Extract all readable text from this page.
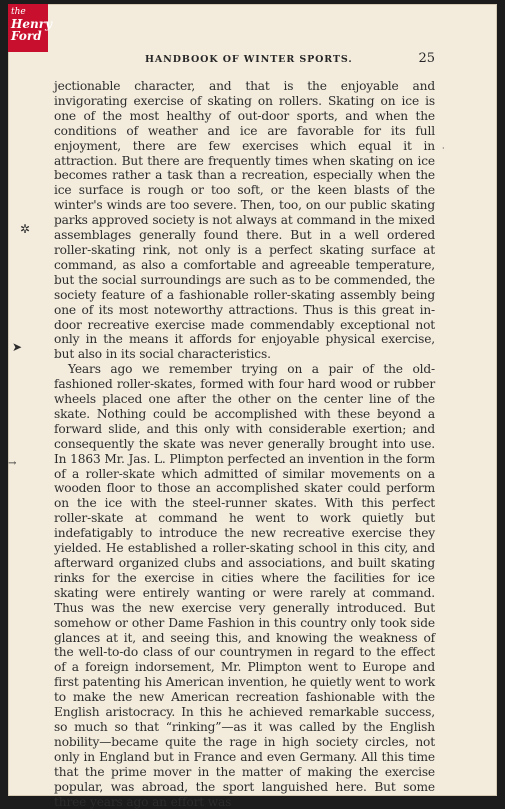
the
Henry
Ford
HANDBOOK OF WINTER SPORTS.	25

jectionable character, and that is the enjoyable and invigorating exercise of skating on rollers. Skating on ice is one of the most healthy of out-door sports, and when the conditions of weather and ice are favorable for its full enjoyment, there are few exercises which equal it in attraction. But there are frequently times when skating on ice becomes rather a task than a recreation, especially when the ice surface is rough or too soft, or the keen blasts of the winter's winds are too severe. Then, too, on our public skating parks approved society is not always at command in the mixed assemblages generally found there. But in a well ordered roller-skating rink, not only is a perfect skating surface at command, as also a comfortable and agreeable temperature, but the social surroundings are such as to be commended, the society feature of a fashionable roller-skating assembly being one of its most noteworthy attractions. Thus is this great in-door recreative exercise made commendably exceptional not only in the means it affords for enjoyable physical exercise, but also in its social characteristics.

Years ago we remember trying on a pair of the old-fashioned roller-skates, formed with four hard wood or rubber wheels placed one after the other on the center line of the skate. Nothing could be accomplished with these beyond a forward slide, and this only with considerable exertion; and consequently the skate was never generally brought into use. In 1863 Mr. Jas. L. Plimpton perfected an invention in the form of a roller-skate which admitted of similar movements on a wooden floor to those an accomplished skater could perform on the ice with the steel-runner skates. With this perfect roller-skate at command he went to work quietly but indefatigably to introduce the new recreative exercise they yielded. He established a roller-skating school in this city, and afterward organized clubs and associations, and built skating rinks for the exercise in cities where the facilities for ice skating were entirely wanting or were rarely at command. Thus was the new exercise very generally introduced. But somehow or other Dame Fashion in this country only took side glances at it, and seeing this, and knowing the weakness of the well-to-do class of our countrymen in regard to the effect of a foreign indorsement, Mr. Plimpton went to Europe and first patenting his American invention, he quietly went to work to make the new American recreation fashionable with the English aristocracy. In this he achieved remarkable success, so much so that “rinking”—as it was called by the English nobility—became quite the rage in high society circles, not only in England but in France and even Germany. All this time that the prime mover in the matter of making the exercise popular, was abroad, the sport languished here. But some three years ago an effort was

✲
➤
→
·
